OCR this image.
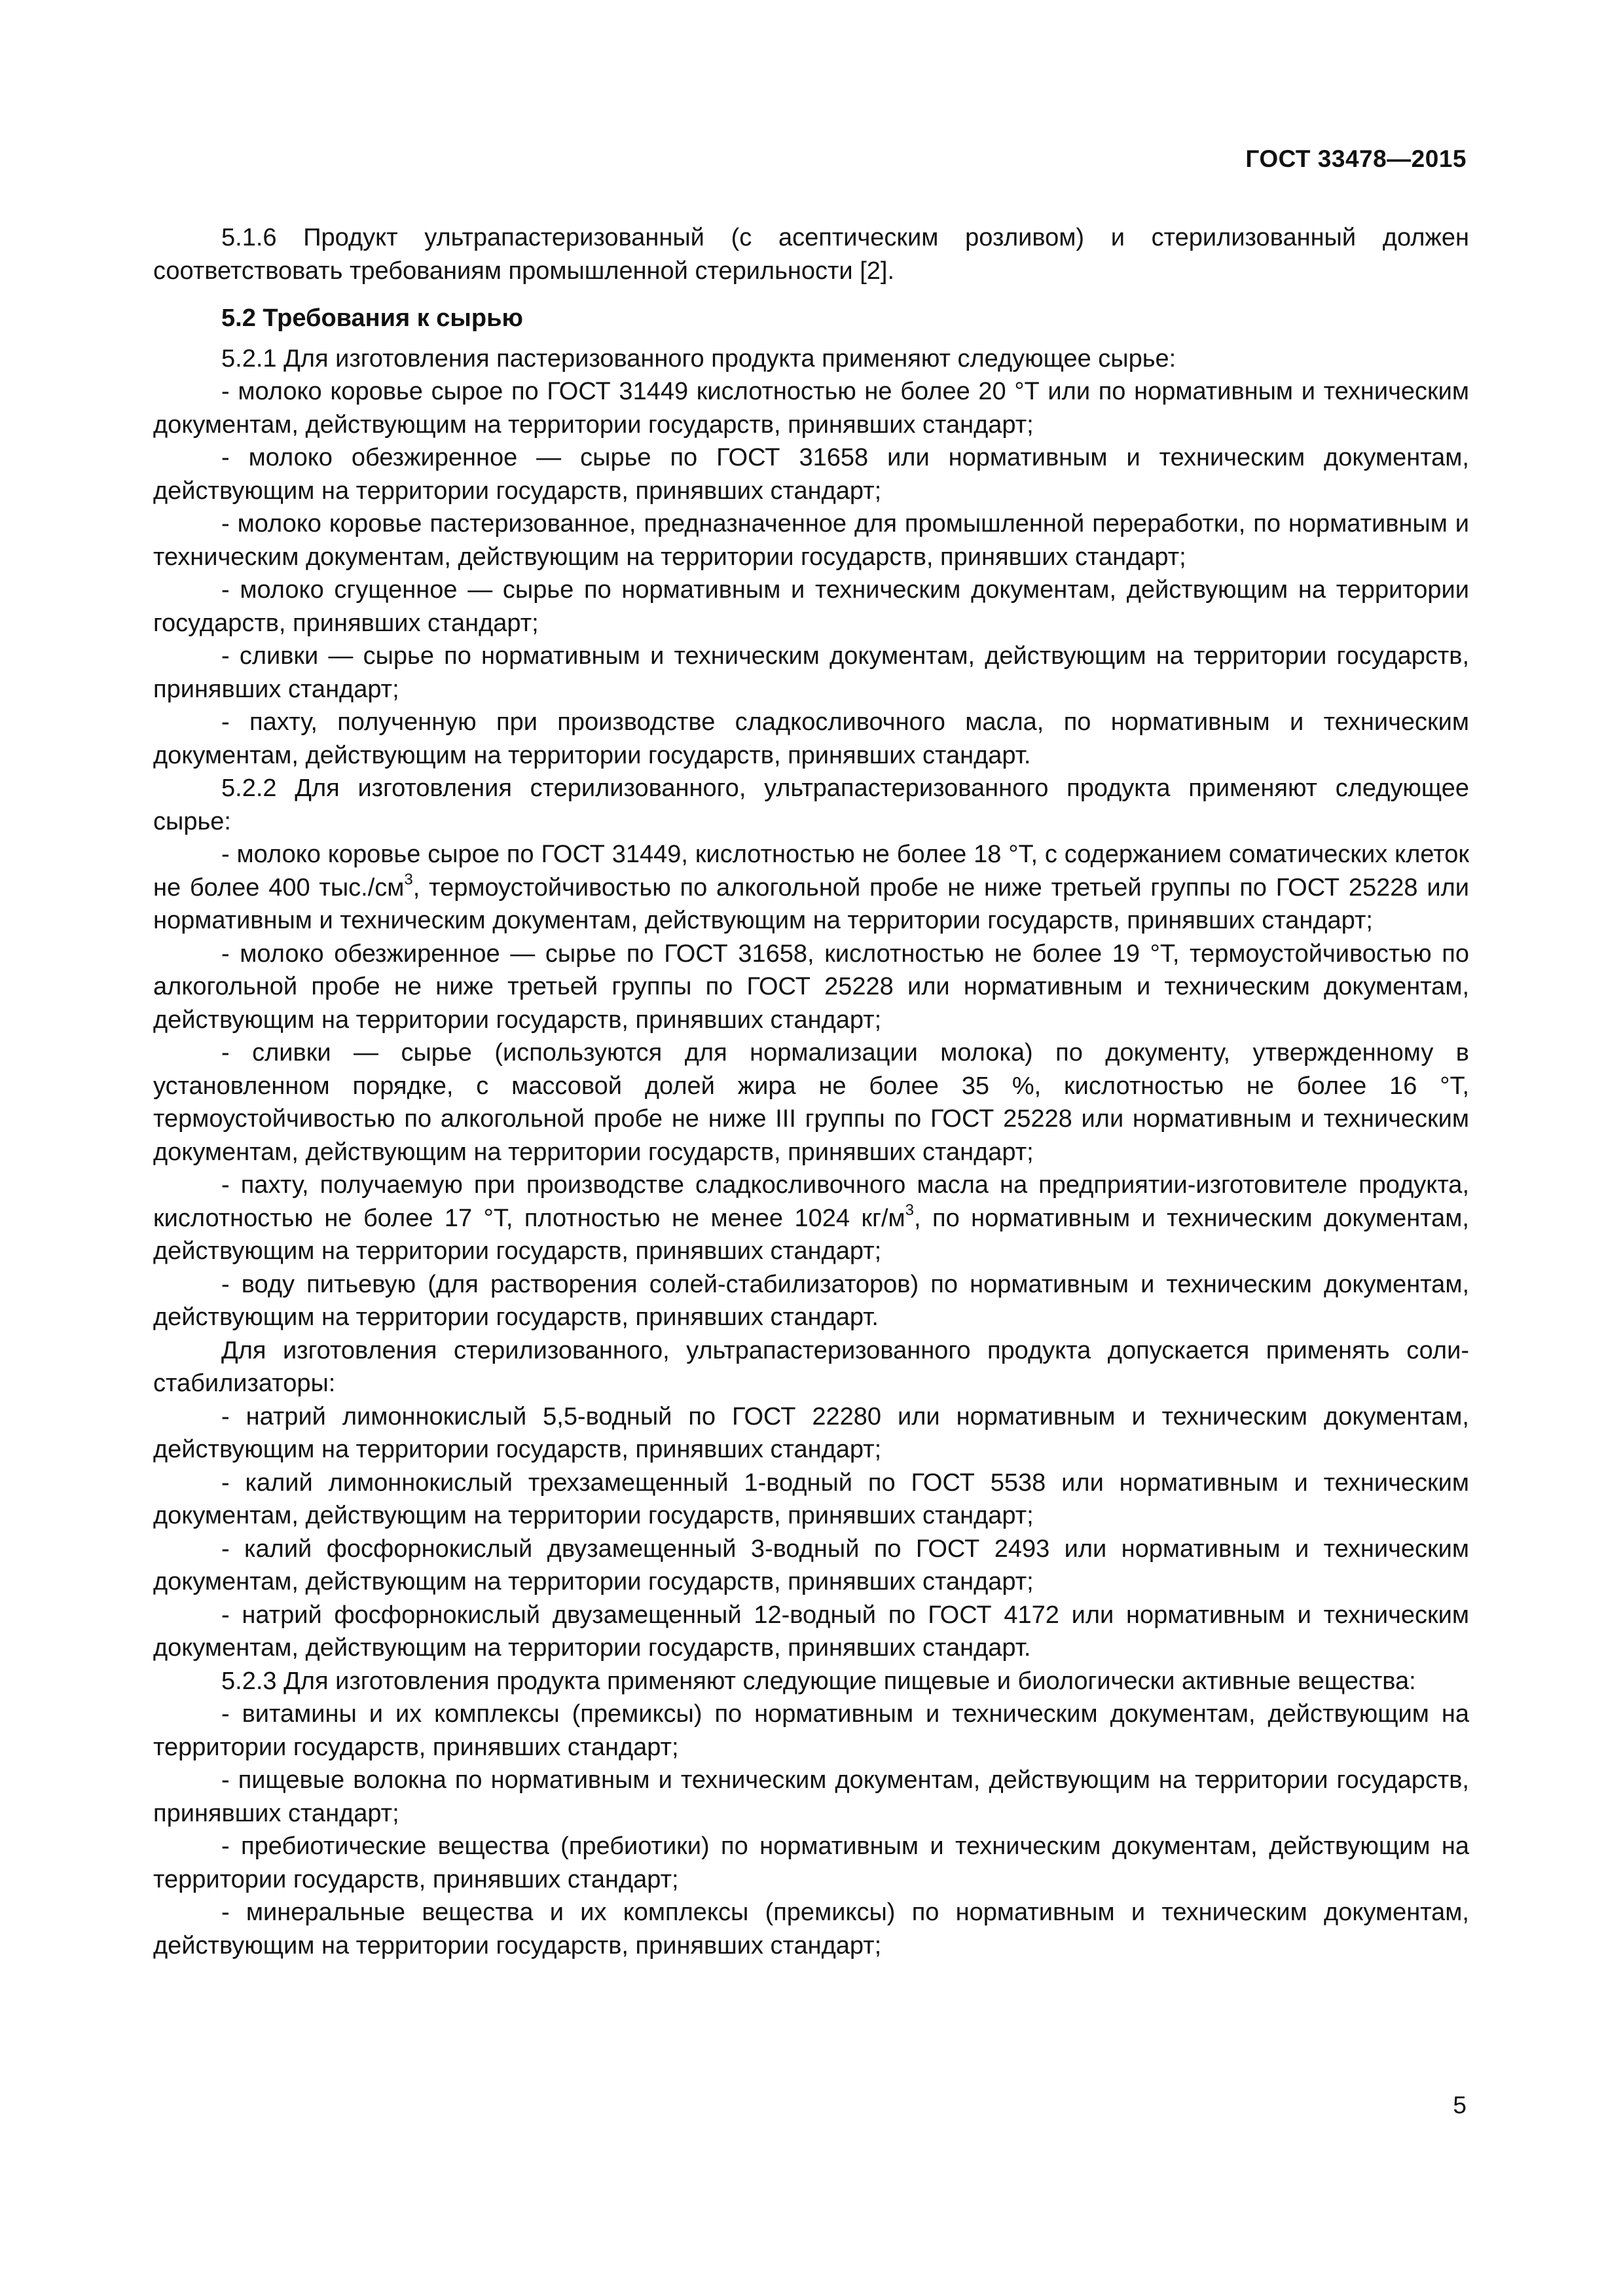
ГОСТ 33478—2015

5.1.6 Продукт ультрапастеризованный (с асептическим розливом) и стерилизованный должен соответствовать требованиям промышленной стерильности [2].

5.2 Требования к сырью

5.2.1 Для изготовления пастеризованного продукта применяют следующее сырье:

- молоко коровье сырое по ГОСТ 31449 кислотностью не более 20 °Т или по нормативным и техническим документам, действующим на территории государств, принявших стандарт;

- молоко обезжиренное — сырье по ГОСТ 31658 или нормативным и техническим документам, действующим на территории государств, принявших стандарт;

- молоко коровье пастеризованное, предназначенное для промышленной переработки, по нормативным и техническим документам, действующим на территории государств, принявших стандарт;

- молоко сгущенное — сырье по нормативным и техническим документам, действующим на территории государств, принявших стандарт;

- сливки — сырье по нормативным и техническим документам, действующим на территории государств, принявших стандарт;

- пахту, полученную при производстве сладкосливочного масла, по нормативным и техническим документам, действующим на территории государств, принявших стандарт.

5.2.2 Для изготовления стерилизованного, ультрапастеризованного продукта применяют следующее сырье:

- молоко коровье сырое по ГОСТ 31449, кислотностью не более 18 °Т, с содержанием соматических клеток не более 400 $тыс./см^3$, термоустойчивостью по алкогольной пробе не ниже третьей группы по ГОСТ 25228 или нормативным и техническим документам, действующим на территории государств, принявших стандарт;

- молоко обезжиренное — сырье по ГОСТ 31658, кислотностью не более 19 °Т, термоустойчивостью по алкогольной пробе не ниже третьей группы по ГОСТ 25228 или нормативным и техническим документам, действующим на территории государств, принявших стандарт;

- сливки — сырье (используются для нормализации молока) по документу, утвержденному в установленном порядке, с массовой долей жира не более 35 %, кислотностью не более 16 °Т, термоустойчивостью по алкогольной пробе не ниже III группы по ГОСТ 25228 или нормативным и техническим документам, действующим на территории государств, принявших стандарт;

- пахту, получаемую при производстве сладкосливочного масла на предприятии-изготовителе продукта, кислотностью не более 17 °Т, плотностью не менее 1024 $кг/м^3$, по нормативным и техническим документам, действующим на территории государств, принявших стандарт;

- воду питьевую (для растворения солей-стабилизаторов) по нормативным и техническим документам, действующим на территории государств, принявших стандарт.

Для изготовления стерилизованного, ультрапастеризованного продукта допускается применять соли-стабилизаторы:

- натрий лимоннокислый 5,5-водный по ГОСТ 22280 или нормативным и техническим документам, действующим на территории государств, принявших стандарт;

- калий лимоннокислый трехзамещенный 1-водный по ГОСТ 5538 или нормативным и техническим документам, действующим на территории государств, принявших стандарт;

- калий фосфорнокислый двузамещенный 3-водный по ГОСТ 2493 или нормативным и техническим документам, действующим на территории государств, принявших стандарт;

- натрий фосфорнокислый двузамещенный 12-водный по ГОСТ 4172 или нормативным и техническим документам, действующим на территории государств, принявших стандарт.

5.2.3 Для изготовления продукта применяют следующие пищевые и биологически активные вещества:

- витамины и их комплексы (премиксы) по нормативным и техническим документам, действующим на территории государств, принявших стандарт;

- пищевые волокна по нормативным и техническим документам, действующим на территории государств, принявших стандарт;

- пребиотические вещества (пребиотики) по нормативным и техническим документам, действующим на территории государств, принявших стандарт;

- минеральные вещества и их комплексы (премиксы) по нормативным и техническим документам, действующим на территории государств, принявших стандарт;

5
